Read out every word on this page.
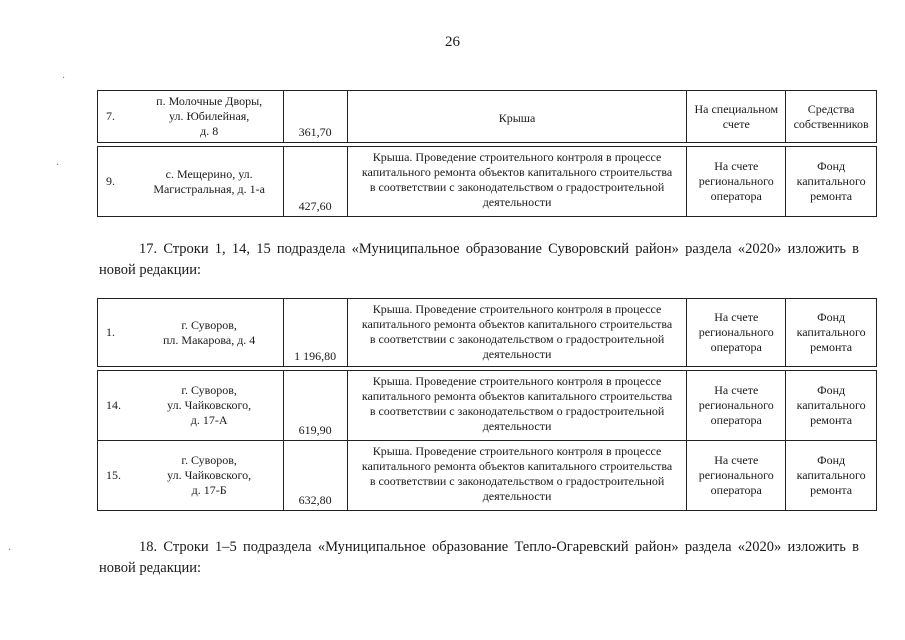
26
·
·
·
7.	п. Молочные Дворы,
ул. Юбилейная,
д. 8	361,70	Крыша	На специальном
счете	Средства
собственников

9.	с. Мещерино, ул.
Магистральная, д. 1-а	427,60	Крыша. Проведение строительного контроля в процессе
капитального ремонта объектов капитального строительства
в соответствии с законодательством о градостроительной
деятельности	На счете
регионального
оператора	Фонд
капитального
ремонта
17. Строки 1, 14, 15 подраздела «Муниципальное образование Суворовский район» раздела «2020» изложить в новой редакции:
1.	г. Суворов,
пл. Макарова, д. 4	1 196,80	Крыша. Проведение строительного контроля в процессе
капитального ремонта объектов капитального строительства
в соответствии с законодательством о градостроительной
деятельности	На счете
регионального
оператора	Фонд
капитального
ремонта

14.	г. Суворов,
ул. Чайковского,
д. 17-А	619,90	Крыша. Проведение строительного контроля в процессе
капитального ремонта объектов капитального строительства
в соответствии с законодательством о градостроительной
деятельности	На счете
регионального
оператора	Фонд
капитального
ремонта
15.	г. Суворов,
ул. Чайковского,
д. 17-Б	632,80	Крыша. Проведение строительного контроля в процессе
капитального ремонта объектов капитального строительства
в соответствии с законодательством о градостроительной
деятельности	На счете
регионального
оператора	Фонд
капитального
ремонта
18. Строки 1–5 подраздела «Муниципальное образование Тепло-Огаревский район» раздела «2020» изложить в новой редакции:
